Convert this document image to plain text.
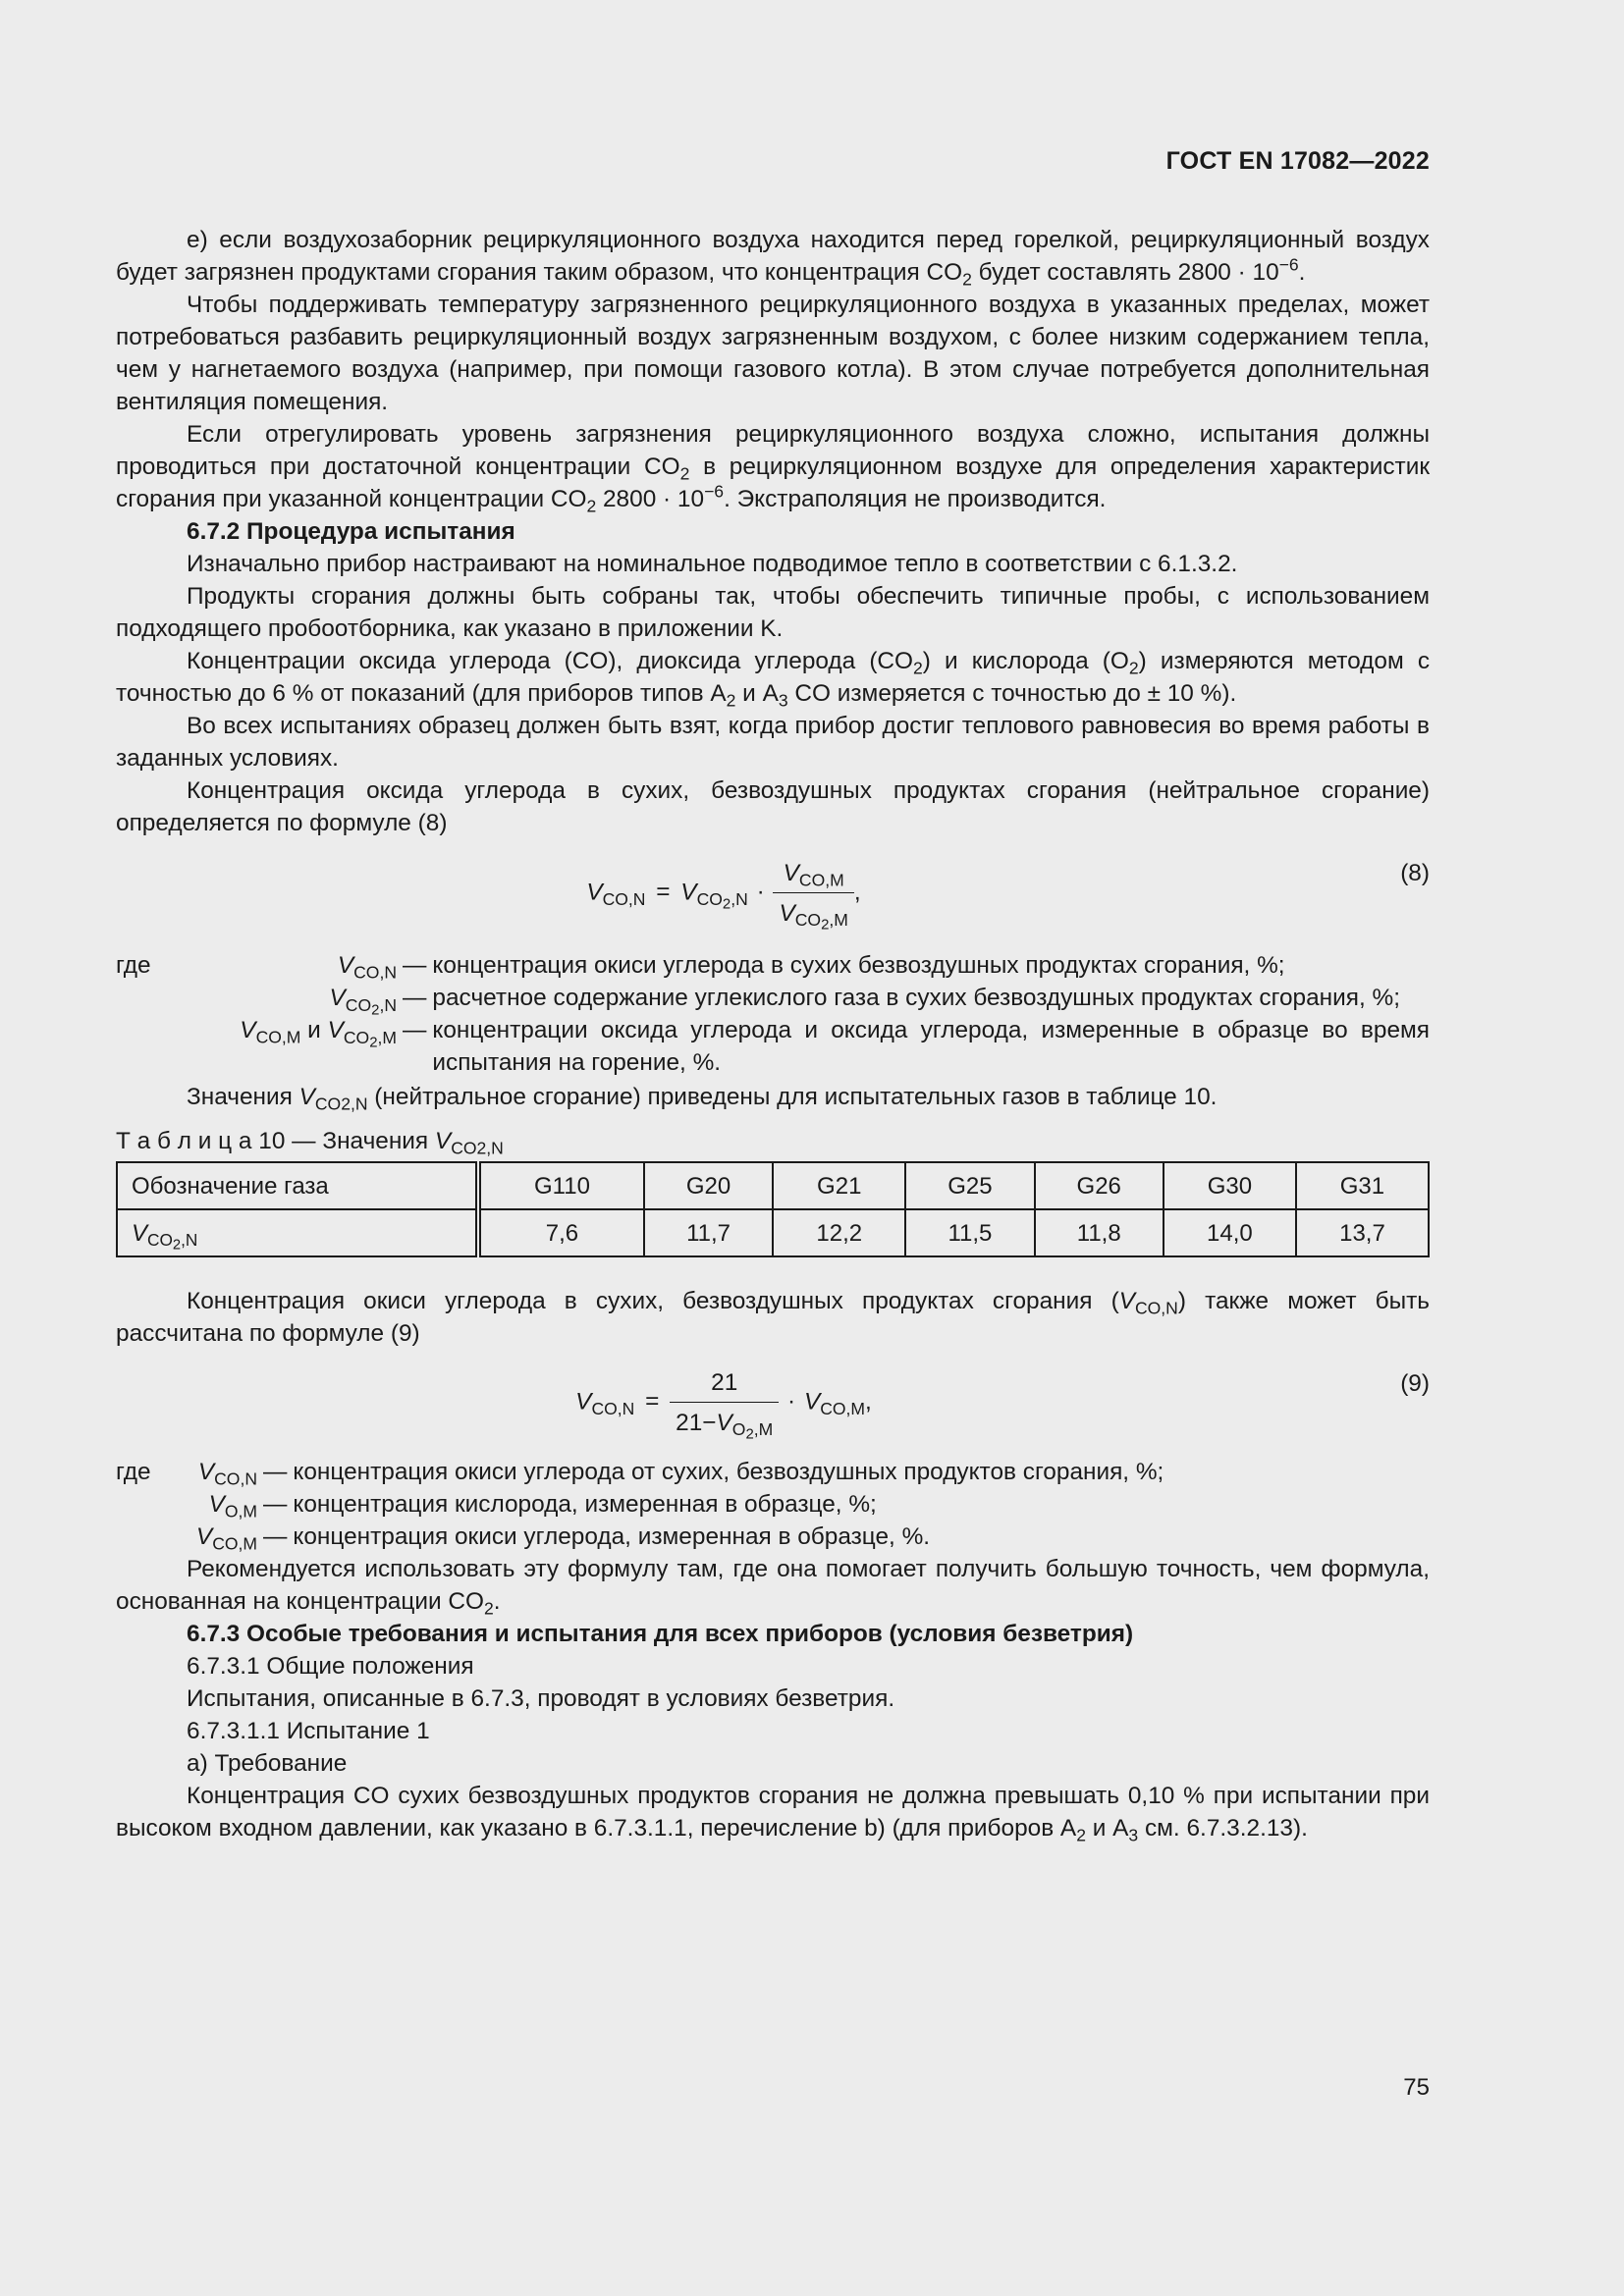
ГОСТ EN 17082—2022

е) если воздухозаборник рециркуляционного воздуха находится перед горелкой, рециркуляционный воздух будет загрязнен продуктами сгорания таким образом, что концентрация $CO_2$ будет составлять $2800 \cdot 10^{-6}$.

Чтобы поддерживать температуру загрязненного рециркуляционного воздуха в указанных пределах, может потребоваться разбавить рециркуляционный воздух загрязненным воздухом, с более низким содержанием тепла, чем у нагнетаемого воздуха (например, при помощи газового котла). В этом случае потребуется дополнительная вентиляция помещения.

Если отрегулировать уровень загрязнения рециркуляционного воздуха сложно, испытания должны проводиться при достаточной концентрации $CO_2$ в рециркуляционном воздухе для определения характеристик сгорания при указанной концентрации $CO_2$ $2800 \cdot 10^{-6}$. Экстраполяция не производится.

6.7.2 Процедура испытания

Изначально прибор настраивают на номинальное подводимое тепло в соответствии с 6.1.3.2.

Продукты сгорания должны быть собраны так, чтобы обеспечить типичные пробы, с использованием подходящего пробоотборника, как указано в приложении K.

Концентрации оксида углерода (CO), диоксида углерода $(CO_2)$ и кислорода $(O_2)$ измеряются методом с точностью до 6 % от показаний (для приборов типов $A_2$ и $A_3$ CO измеряется с точностью до ± 10 %).

Во всех испытаниях образец должен быть взят, когда прибор достиг теплового равновесия во время работы в заданных условиях.

Концентрация оксида углерода в сухих, безвоздушных продуктах сгорания (нейтральное сгорание) определяется по формуле (8)

$V_{CO,N} = V_{CO_2,N} \cdot \frac{V_{CO,M}}{V_{CO_2,M}}$ ,
(8)
где	$V_{CO,N}$ — концентрация окиси углерода в сухих безвоздушных продуктах сгорания, %;
$V_{CO_2,N}$ — расчетное содержание углекислого газа в сухих безвоздушных продуктах сгорания, %;
$V_{CO,M}$ и $V_{CO_2,M}$ — концентрации оксида углерода и оксида углерода, измеренные в образце во время испытания на горение, %.

Значения $V_{CO2,N}$ (нейтральное сгорание) приведены для испытательных газов в таблице 10.

Т а б л и ц а 10 — Значения $V_{CO2,N}$

Обозначение газа	G110	G20	G21	G25	G26	G30	G31
$V_{CO_2,N}$	7,6	11,7	12,2	11,5	11,8	14,0	13,7

Концентрация окиси углерода в сухих, безвоздушных продуктах сгорания $(V_{CO,N})$ также может быть рассчитана по формуле (9)

$V_{CO,N} = \frac{21}{21-V_{O_2,M}} \cdot V_{CO,M}$,
(9)
где	$V_{CO,N}$ — концентрация окиси углерода от сухих, безвоздушных продуктов сгорания, %;
$V_{O,M}$ — концентрация кислорода, измеренная в образце, %;
$V_{CO,M}$ — концентрация окиси углерода, измеренная в образце, %.

Рекомендуется использовать эту формулу там, где она помогает получить большую точность, чем формула, основанная на концентрации $CO_2$.

6.7.3 Особые требования и испытания для всех приборов (условия безветрия)

6.7.3.1 Общие положения

Испытания, описанные в 6.7.3, проводят в условиях безветрия.

6.7.3.1.1 Испытание 1

а) Требование

Концентрация CO сухих безвоздушных продуктов сгорания не должна превышать 0,10 % при испытании при высоком входном давлении, как указано в 6.7.3.1.1, перечисление b) (для приборов $A_2$ и $A_3$ см. 6.7.3.2.13).

75
